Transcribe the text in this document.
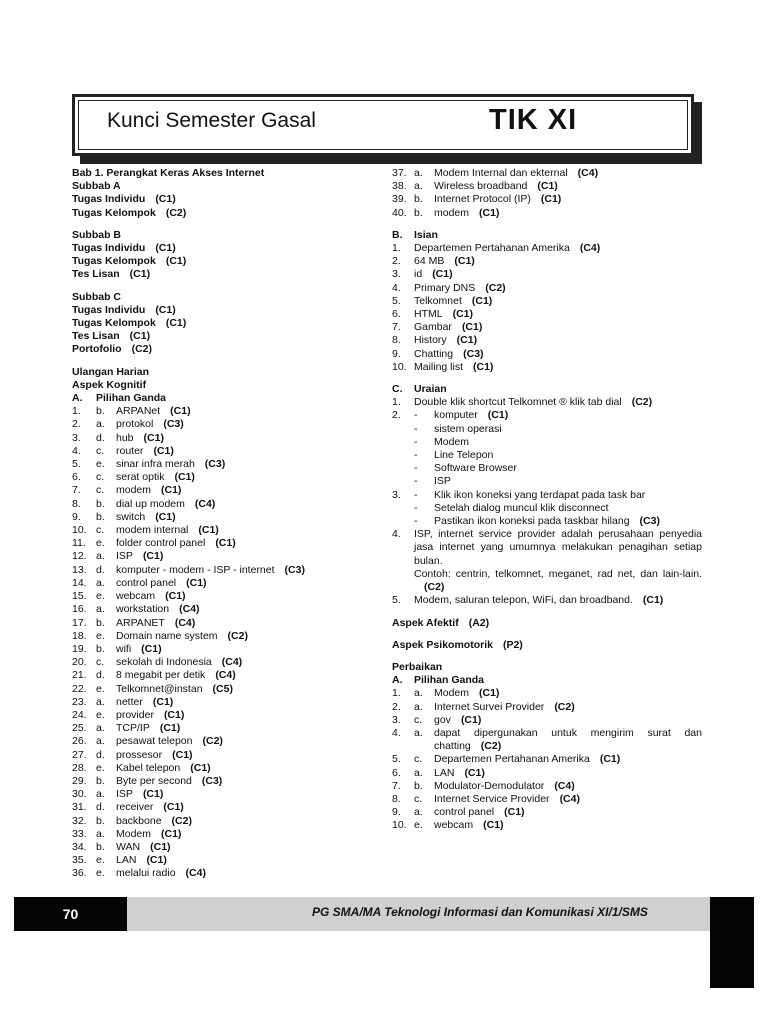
Kunci Semester Gasal	TIK XI
Bab 1. Perangkat Keras Akses Internet
Subbab A
Tugas Individu (C1)
Tugas Kelompok (C2)
Subbab B
Tugas Individu (C1)
Tugas Kelompok (C1)
Tes Lisan (C1)
Subbab C
Tugas Individu (C1)
Tugas Kelompok (C1)
Tes Lisan (C1)
Portofolio (C2)
Ulangan Harian
Aspek Kognitif
A.	Pilihan Ganda
1.	b.	ARPANet (C1)
2.	a.	protokol (C3)
3.	d.	hub (C1)
4.	c.	router (C1)
5.	e.	sinar infra merah (C3)
6.	c.	serat optik (C1)
7.	c.	modem (C1)
8.	b.	dial up modem (C4)
9.	b.	switch (C1)
10. c.	modem internal (C1)
11. e.	folder control panel (C1)
12. a.	ISP (C1)
13. d.	komputer - modem - ISP - internet (C3)
14. a.	control panel (C1)
15. e.	webcam (C1)
16. a.	workstation (C4)
17. b.	ARPANET (C4)
18. e.	Domain name system (C2)
19. b.	wifi (C1)
20. c.	sekolah di Indonesia (C4)
21. d.	8 megabit per detik (C4)
22. e.	Telkomnet@instan (C5)
23. a.	netter (C1)
24. e.	provider (C1)
25. a.	TCP/IP (C1)
26. a.	pesawat telepon (C2)
27. d.	prossesor (C1)
28. e.	Kabel telepon (C1)
29. b.	Byte per second (C3)
30. a.	ISP (C1)
31. d.	receiver (C1)
32. b.	backbone (C2)
33. a.	Modem (C1)
34. b.	WAN (C1)
35. e.	LAN (C1)
36. e.	melalui radio (C4)
37. a.	Modem Internal dan ekternal (C4)
38. a.	Wireless broadband (C1)
39. b.	Internet Protocol (IP) (C1)
40. b.	modem (C1)
B.	Isian
1.	Departemen Pertahanan Amerika (C4)
2.	64 MB (C1)
3.	id (C1)
4.	Primary DNS (C2)
5.	Telkomnet (C1)
6.	HTML (C1)
7.	Gambar (C1)
8.	History (C1)
9.	Chatting (C3)
10. Mailing list (C1)
C.	Uraian
1.	Double klik shortcut Telkomnet ® klik tab dial (C2)
2.	-	komputer (C1)
-	sistem operasi
-	Modem
-	Line Telepon
-	Software Browser
-	ISP
3.	-	Klik ikon koneksi yang terdapat pada task bar
-	Setelah dialog muncul klik disconnect
-	Pastikan ikon koneksi pada taskbar hilang (C3)
4.	ISP, internet service provider adalah perusahaan penyedia jasa internet yang umumnya melakukan penagihan setiap bulan.
Contoh: centrin, telkomnet, meganet, rad net, dan lain-lain.(C2)
5.	Modem, saluran telepon, WiFi, dan broadband. (C1)
Aspek Afektif (A2)
Aspek Psikomotorik (P2)
Perbaikan
A.	Pilihan Ganda
1.	a.	Modem (C1)
2.	a.	Internet Survei Provider (C2)
3.	c.	gov (C1)
4.	a.	dapat dipergunakan untuk mengirim surat dan chatting (C2)
5.	c.	Departemen Pertahanan Amerika (C1)
6.	a.	LAN (C1)
7.	b.	Modulator-Demodulator (C4)
8.	c.	Internet Service Provider (C4)
9.	a.	control panel (C1)
10. e.	webcam (C1)
70	PG SMA/MA Teknologi Informasi dan Komunikasi XI/1/SMS
